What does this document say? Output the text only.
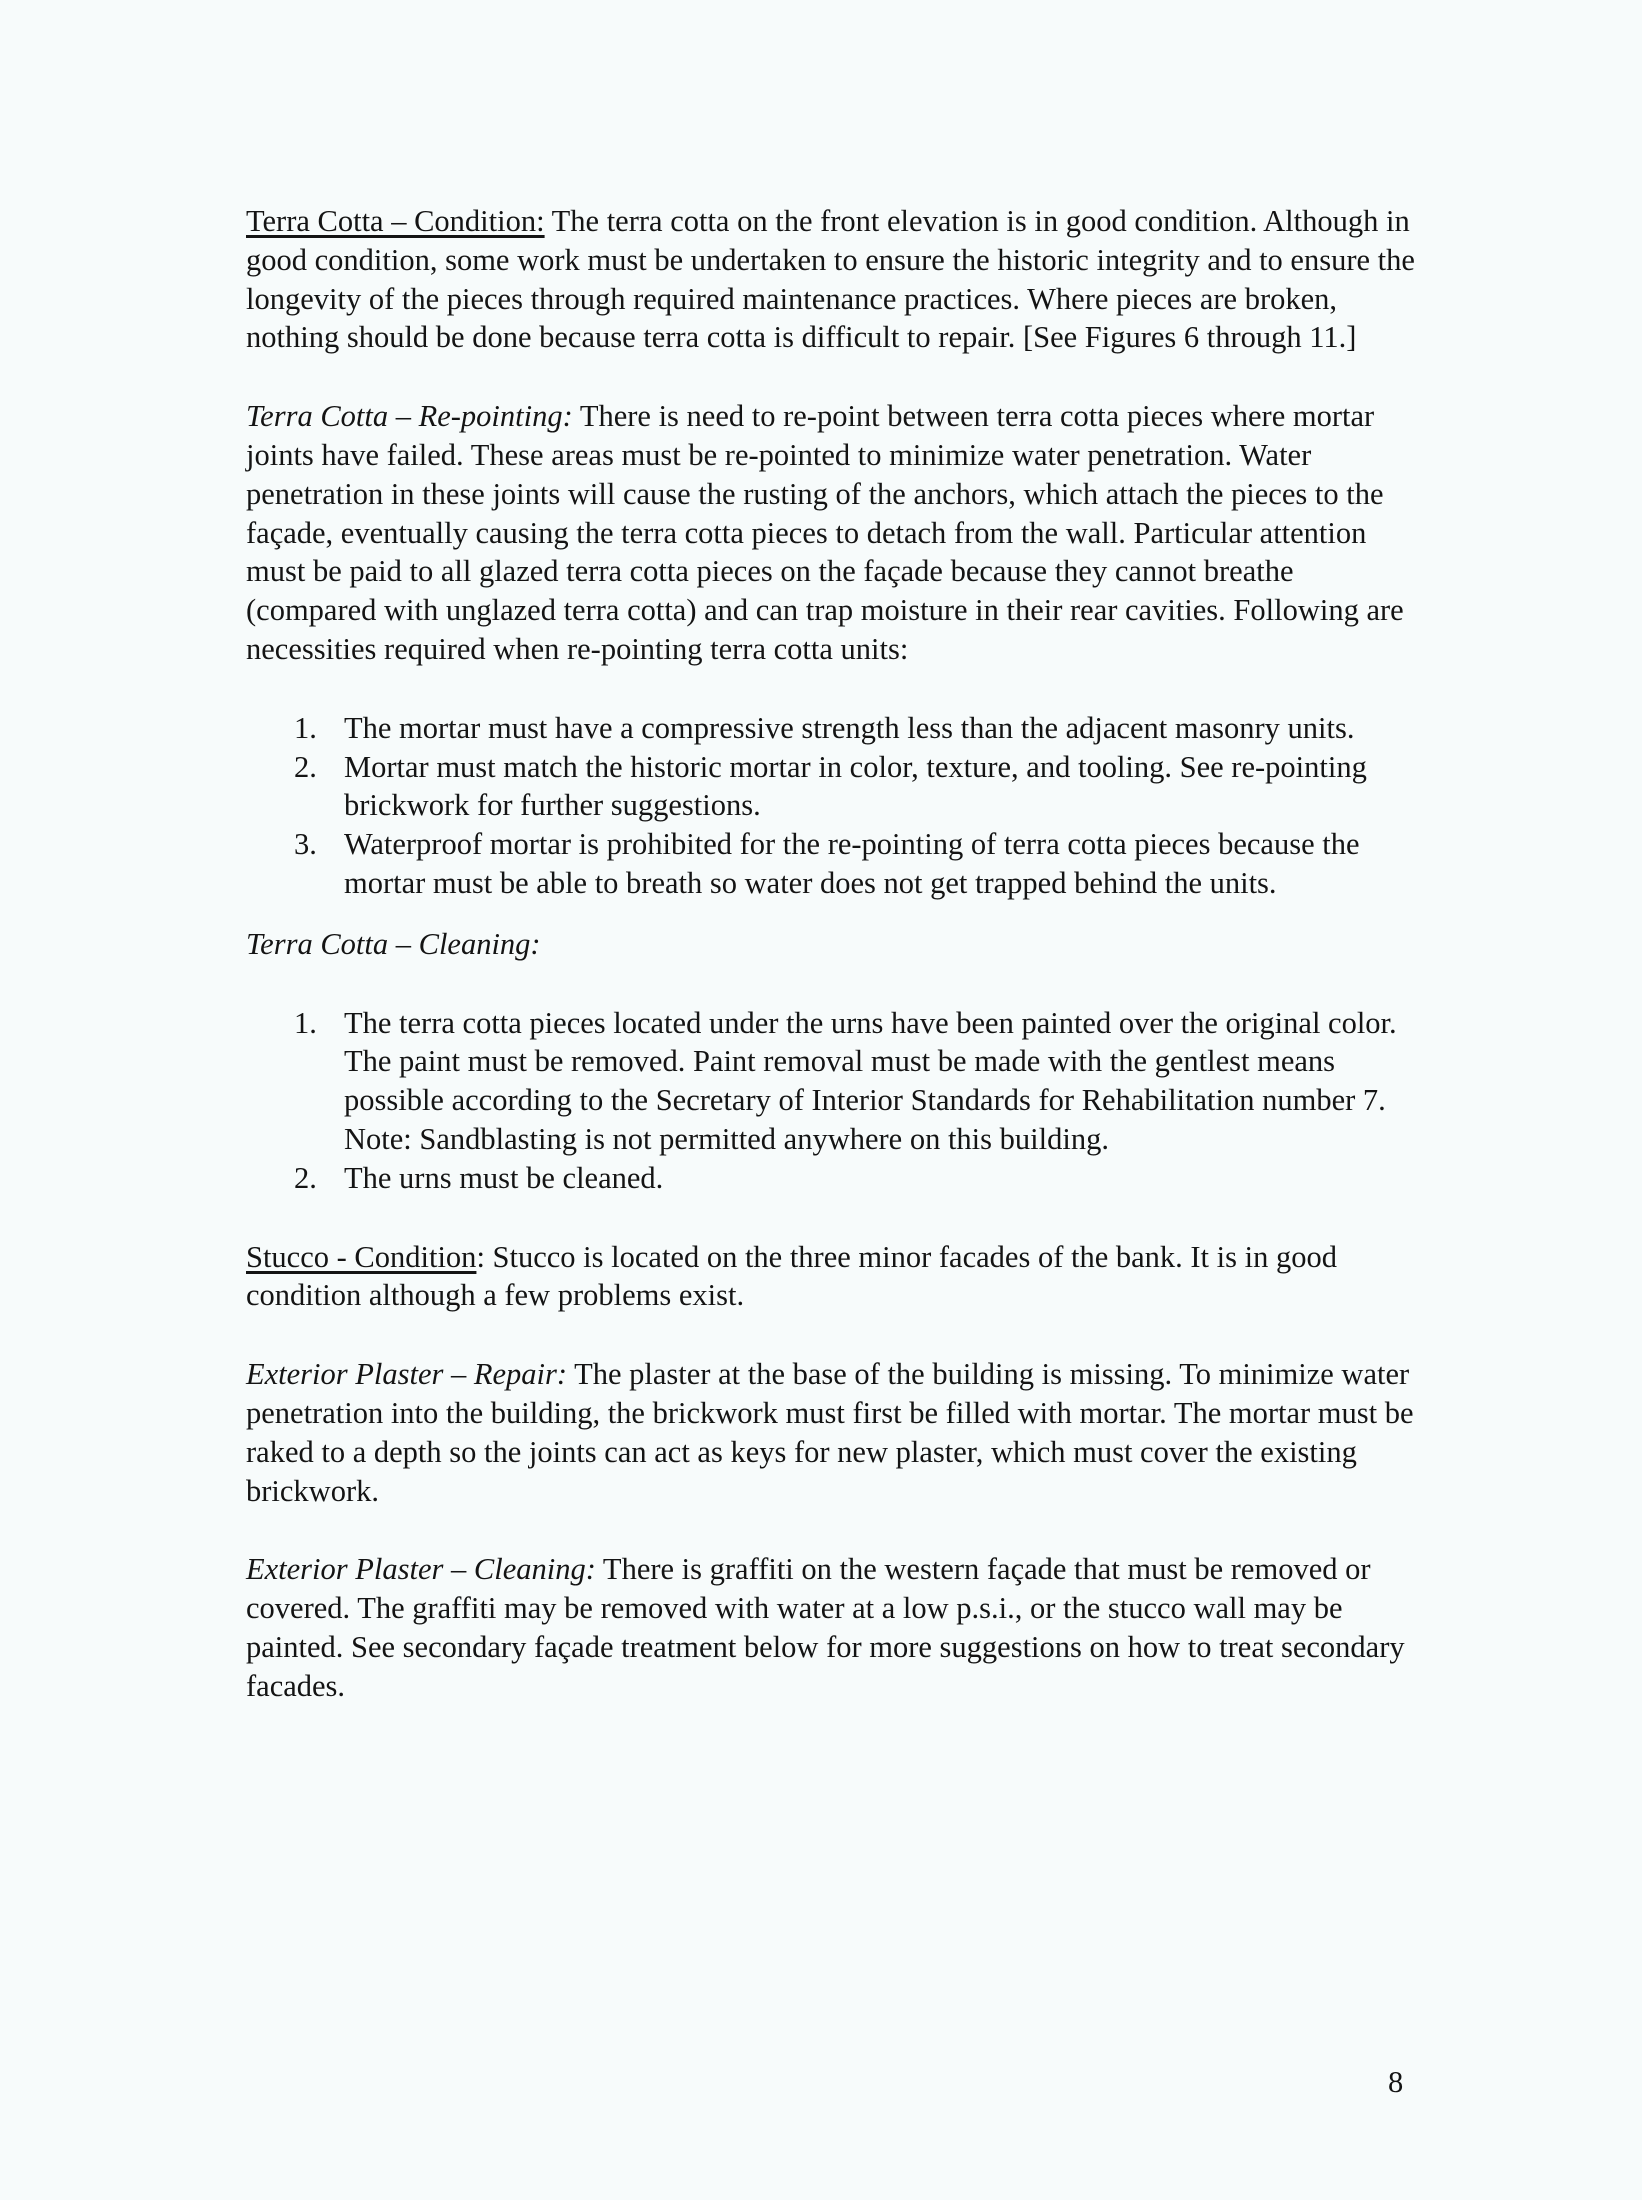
Terra Cotta – Condition: The terra cotta on the front elevation is in good condition. Although in good condition, some work must be undertaken to ensure the historic integrity and to ensure the longevity of the pieces through required maintenance practices. Where pieces are broken, nothing should be done because terra cotta is difficult to repair. [See Figures 6 through 11.]

Terra Cotta – Re-pointing: There is need to re-point between terra cotta pieces where mortar joints have failed. These areas must be re-pointed to minimize water penetration. Water penetration in these joints will cause the rusting of the anchors, which attach the pieces to the façade, eventually causing the terra cotta pieces to detach from the wall. Particular attention must be paid to all glazed terra cotta pieces on the façade because they cannot breathe (compared with unglazed terra cotta) and can trap moisture in their rear cavities. Following are necessities required when re-pointing terra cotta units:

1. The mortar must have a compressive strength less than the adjacent masonry units.
2. Mortar must match the historic mortar in color, texture, and tooling. See re-pointing brickwork for further suggestions.
3. Waterproof mortar is prohibited for the re-pointing of terra cotta pieces because the mortar must be able to breath so water does not get trapped behind the units.

Terra Cotta – Cleaning:

1. The terra cotta pieces located under the urns have been painted over the original color. The paint must be removed. Paint removal must be made with the gentlest means possible according to the Secretary of Interior Standards for Rehabilitation number 7. Note: Sandblasting is not permitted anywhere on this building.
2. The urns must be cleaned.

Stucco - Condition: Stucco is located on the three minor facades of the bank. It is in good condition although a few problems exist.

Exterior Plaster – Repair: The plaster at the base of the building is missing. To minimize water penetration into the building, the brickwork must first be filled with mortar. The mortar must be raked to a depth so the joints can act as keys for new plaster, which must cover the existing brickwork.

Exterior Plaster – Cleaning: There is graffiti on the western façade that must be removed or covered. The graffiti may be removed with water at a low p.s.i., or the stucco wall may be painted. See secondary façade treatment below for more suggestions on how to treat secondary facades.

8
